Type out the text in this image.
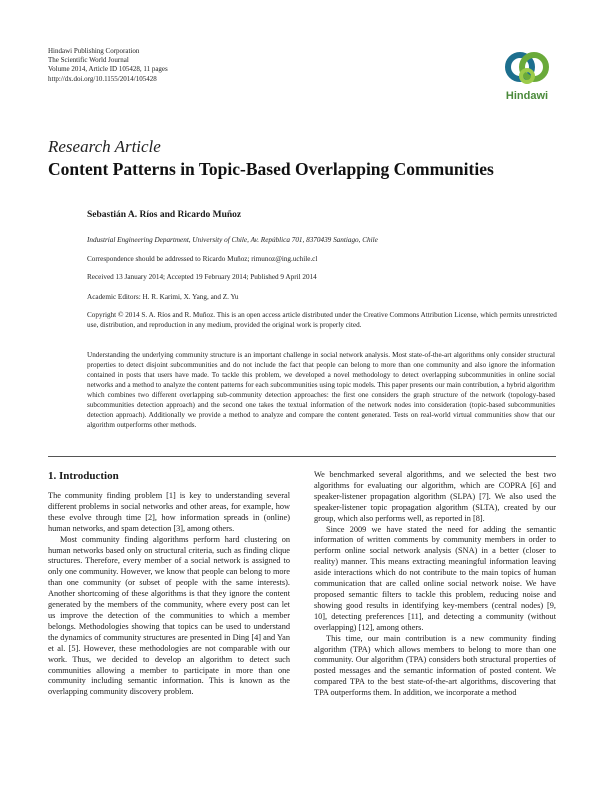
Hindawi Publishing Corporation
The Scientific World Journal
Volume 2014, Article ID 105428, 11 pages
http://dx.doi.org/10.1155/2014/105428
Hindawi
Research Article
Content Patterns in Topic-Based Overlapping Communities
Sebastián A. Ríos and Ricardo Muñoz
Industrial Engineering Department, University of Chile, Av. República 701, 8370439 Santiago, Chile
Correspondence should be addressed to Ricardo Muñoz; rimunoz@ing.uchile.cl
Received 13 January 2014; Accepted 19 February 2014; Published 9 April 2014
Academic Editors: H. R. Karimi, X. Yang, and Z. Yu
Copyright © 2014 S. A. Ríos and R. Muñoz. This is an open access article distributed under the Creative Commons Attribution License, which permits unrestricted use, distribution, and reproduction in any medium, provided the original work is properly cited.
Understanding the underlying community structure is an important challenge in social network analysis. Most state-of-the-art algorithms only consider structural properties to detect disjoint subcommunities and do not include the fact that people can belong to more than one community and also ignore the information contained in posts that users have made. To tackle this problem, we developed a novel methodology to detect overlapping subcommunities in online social networks and a method to analyze the content patterns for each subcommunities using topic models. This paper presents our main contribution, a hybrid algorithm which combines two different overlapping sub-community detection approaches: the first one considers the graph structure of the network (topology-based subcommunities detection approach) and the second one takes the textual information of the network nodes into consideration (topic-based subcommunities detection approach). Additionally we provide a method to analyze and compare the content generated. Tests on real-world virtual communities show that our algorithm outperforms other methods.
1. Introduction

The community finding problem [1] is key to understanding several different problems in social networks and other areas, for example, how these evolve through time [2], how information spreads in (online) human networks, and spam detection [3], among others.

Most community finding algorithms perform hard clustering on human networks based only on structural criteria, such as finding clique structures. Therefore, every member of a social network is assigned to only one community. However, we know that people can belong to more than one community (or subset of people with the same interests). Another shortcoming of these algorithms is that they ignore the content generated by the members of the community, where every post can let us improve the detection of the communities to which a member belongs. Methodologies showing that topics can be used to understand the dynamics of community structures are presented in Ding [4] and Yan et al. [5]. However, these methodologies are not comparable with our work. Thus, we decided to develop an algorithm to detect such communities allowing a member to participate in more than one community including semantic information. This is known as the overlapping community discovery problem.

We benchmarked several algorithms, and we selected the best two algorithms for evaluating our algorithm, which are COPRA [6] and speaker-listener propagation algorithm (SLPA) [7]. We also used the speaker-listener topic propagation algorithm (SLTA), created by our group, which also performs well, as reported in [8].

Since 2009 we have stated the need for adding the semantic information of written comments by community members in order to perform online social network analysis (SNA) in a better (closer to reality) manner. This means extracting meaningful information leaving aside interactions which do not contribute to the main topics of human communication that are called online social network noise. We have proposed semantic filters to tackle this problem, reducing noise and showing good results in identifying key-members (central nodes) [9, 10], detecting preferences [11], and detecting a community (without overlapping) [12], among others.

This time, our main contribution is a new community finding algorithm (TPA) which allows members to belong to more than one community. Our algorithm (TPA) considers both structural properties of posted messages and the semantic information of posted content. We compared TPA to the best state-of-the-art algorithms, discovering that TPA outperforms them. In addition, we incorporate a method
